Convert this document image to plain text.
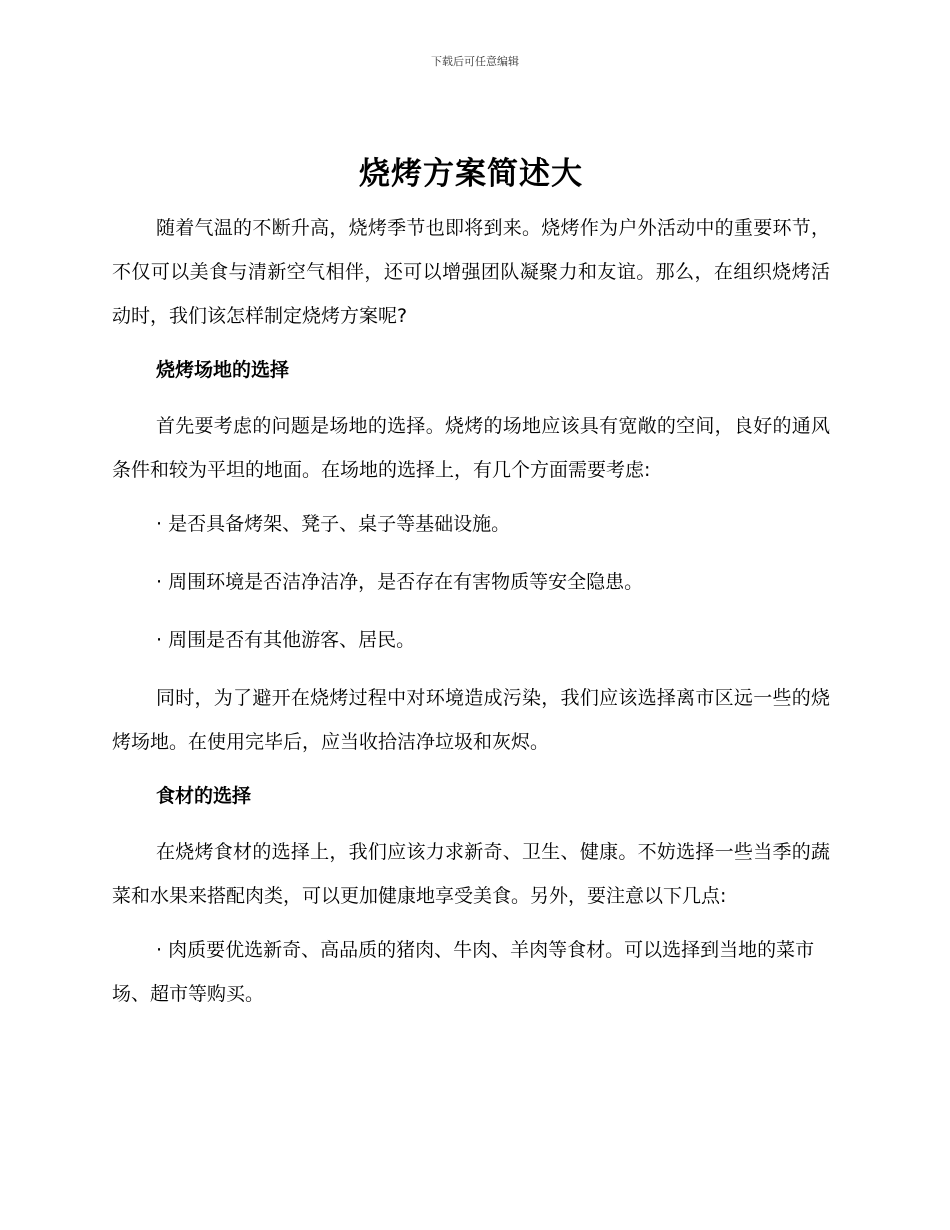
下载后可任意编辑
烧烤方案简述大

随着气温的不断升高，烧烤季节也即将到来。烧烤作为户外活动中的重要环节，不仅可以美食与清新空气相伴，还可以增强团队凝聚力和友谊。那么，在组织烧烤活动时，我们该怎样制定烧烤方案呢?

烧烤场地的选择

首先要考虑的问题是场地的选择。烧烤的场地应该具有宽敞的空间，良好的通风条件和较为平坦的地面。在场地的选择上，有几个方面需要考虑:

· 是否具备烤架、凳子、桌子等基础设施。

· 周围环境是否洁净洁净，是否存在有害物质等安全隐患。

· 周围是否有其他游客、居民。

同时，为了避开在烧烤过程中对环境造成污染，我们应该选择离市区远一些的烧烤场地。在使用完毕后，应当收拾洁净垃圾和灰烬。

食材的选择

在烧烤食材的选择上，我们应该力求新奇、卫生、健康。不妨选择一些当季的蔬菜和水果来搭配肉类，可以更加健康地享受美食。另外，要注意以下几点:

· 肉质要优选新奇、高品质的猪肉、牛肉、羊肉等食材。可以选择到当地的菜市场、超市等购买。
